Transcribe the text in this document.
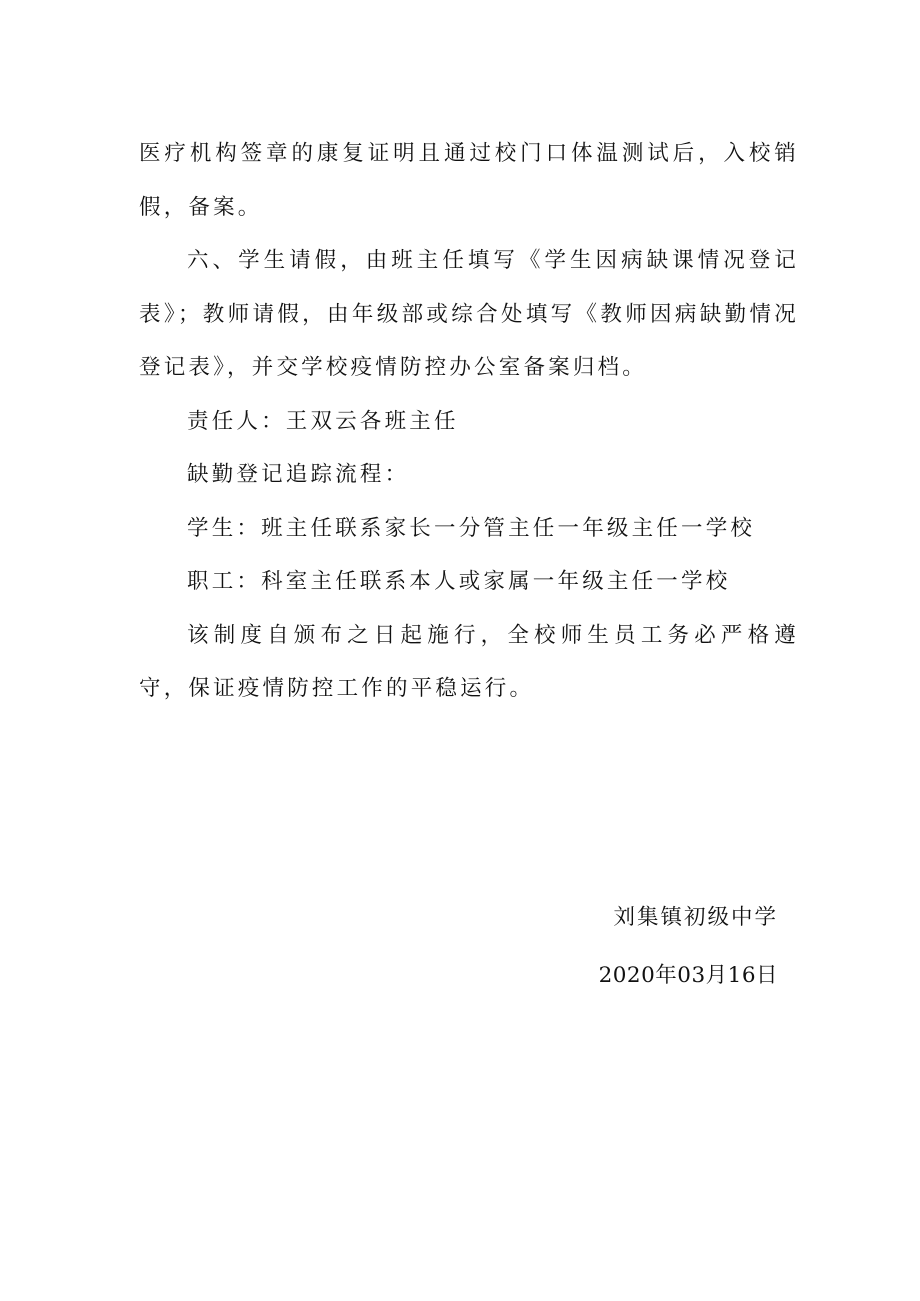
医疗机构签章的康复证明且通过校门口体温测试后，入校销假，备案。

六、学生请假，由班主任填写《学生因病缺课情况登记表》；教师请假，由年级部或综合处填写《教师因病缺勤情况登记表》，并交学校疫情防控办公室备案归档。

责任人：王双云各班主任

缺勤登记追踪流程：

学生：班主任联系家长一分管主任一年级主任一学校

职工：科室主任联系本人或家属一年级主任一学校

该制度自颁布之日起施行，全校师生员工务必严格遵守，保证疫情防控工作的平稳运行。

刘集镇初级中学

2020年03月16日
